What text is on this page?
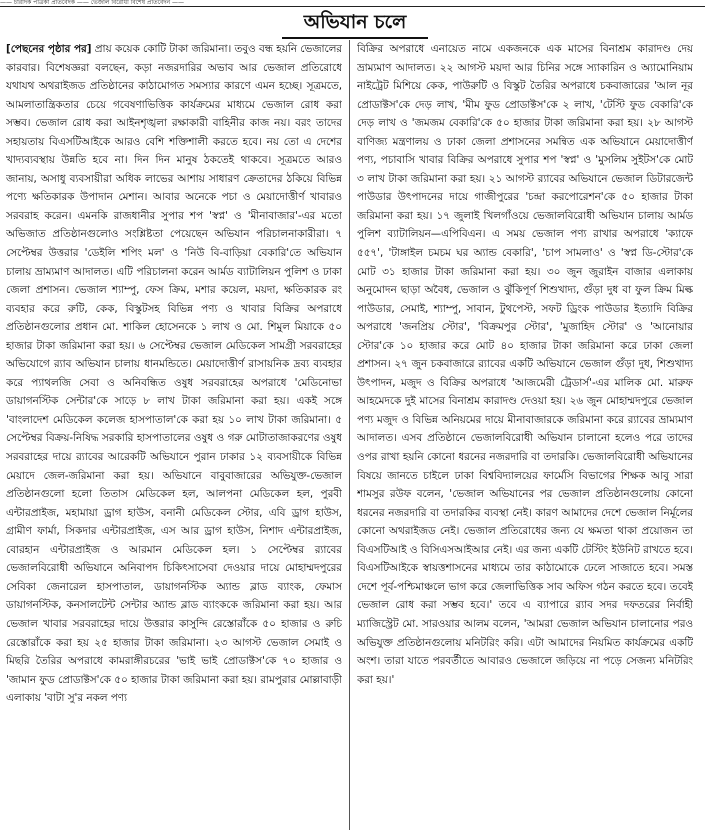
—— চারদিক পত্রিকা প্রতিবেদক —— ভেজাল বিরোধী বিশেষ প্রতিবেদন ——
অভিযান চলে
[পেছনের পৃষ্ঠার পর] প্রায় কয়েক কোটি টাকা জরিমানা। তবুও বন্ধ হয়নি ভেজালের কারবার। বিশেষজ্ঞরা বলছেন, কড়া নজরদারির অভাব আর ভেজাল প্রতিরোধে যথাযথ অথরাইজড প্রতিষ্ঠানের কাঠামোগত সমস্যার কারণে এমন হচ্ছে। সূত্রমতে, আমলাতান্ত্রিকতার চেয়ে গবেষণাভিত্তিক কার্যক্রমের মাধ্যমে ভেজাল রোধ করা সম্ভব। ভেজাল রোধ করা আইনশৃঙ্খলা রক্ষাকারী বাহিনীর কাজ নয়। বরং তাদের সহায়তায় বিএসটিআইকে আরও বেশি শক্তিশালী করতে হবে। নয় তো এ দেশের খাদ্যব্যবস্থায় উন্নতি হবে না। দিন দিন মানুষ ঠকতেই থাকবে। সূত্রমতে আরও জানায়, অসাধু ব্যবসায়ীরা অধিক লাভের আশায় সাধারণ ক্রেতাদের ঠকিয়ে বিভিন্ন পণ্যে ক্ষতিকারক উপাদান মেশান। আবার অনেকে পচা ও মেয়াদোত্তীর্ণ খাবারও সরবরাহ করেন। এমনকি রাজধানীর সুপার শপ 'স্বপ্ন' ও 'মীনাবাজার'-এর মতো অভিজাত প্রতিষ্ঠানগুলোও সংশ্লিষ্টতা পেয়েছেন অভিযান পরিচালনাকারীরা। ৭ সেপ্টেম্বর উত্তরার 'ডেইলি শপিং মল' ও 'নিউ বি-বাড়িয়া বেকারি'তে অভিযান চালায় ভ্রাম্যমাণ আদালত। এটি পরিচালনা করেন আর্মড ব্যাটালিয়ন পুলিশ ও ঢাকা জেলা প্রশাসন। ভেজাল শ্যাম্পু, ফেস ক্রিম, মশার কয়েল, ময়দা, ক্ষতিকারক রং ব্যবহার করে রুটি, কেক, বিস্কুটসহ বিভিন্ন পণ্য ও খাবার বিক্রির অপরাধে প্রতিষ্ঠানগুলোর প্রধান মো. শাকিল হোসেনকে ১ লাখ ও মো. শিমুল মিয়াকে ৫০ হাজার টাকা জরিমানা করা হয়। ৬ সেপ্টেম্বর ভেজাল মেডিকেল সামগ্রী সরবরাহের অভিযোগে র‌্যাব অভিযান চালায় ধানমন্ডিতে। মেয়াদোত্তীর্ণ রাসায়নিক দ্রব্য ব্যবহার করে প্যাথলজি সেবা ও অনিবন্ধিত ওষুধ সরবরাহের অপরাধে 'মেডিনোভা ডায়াগনস্টিক সেন্টার'কে সাড়ে ৮ লাখ টাকা জরিমানা করা হয়। একই সঙ্গে 'বাংলাদেশ মেডিকেল কলেজ হাসপাতাল'কে করা হয় ১০ লাখ টাকা জরিমানা। ৫ সেপ্টেম্বর বিক্রয়-নিষিদ্ধ সরকারি হাসপাতালের ওষুধ ও গরু মোটাতাজাকরণের ওষুধ সরবরাহের দায়ে র‌্যাবের আরেকটি অভিযানে পুরান ঢাকার ১২ ব্যবসায়ীকে বিভিন্ন মেয়াদে জেল-জরিমানা করা হয়। অভিযানে বাবুবাজারের অভিযুক্ত-ভেজাল প্রতিষ্ঠানগুলো হলো তিতাস মেডিকেল হল, আলপনা মেডিকেল হল, পুরবী এন্টারপ্রাইজ, মহামায়া ড্রাগ হাউস, বনানী মেডিকেল স্টোর, এবি ড্রাগ হাউস, গ্রামীণ ফার্মা, সিকদার এন্টারপ্রাইজ, এস আর ড্রাগ হাউস, নিশাদ এন্টারপ্রাইজ, বোরহান এন্টারপ্রাইজ ও আরমান মেডিকেল হল। ১ সেপ্টেম্বর র‌্যাবের ভেজালবিরোধী অভিযানে অনিবাপদ চিকিৎসাসেবা দেওয়ার দায়ে মোহাম্মদপুরের সেবিকা জেনারেল হাসপাতাল, ডায়াগনস্টিক অ্যান্ড ব্লাড ব্যাংক, ফেমাস ডায়াগনস্টিক, কনসালটেন্ট সেন্টার অ্যান্ড ব্লাড ব্যাংককে জরিমানা করা হয়। আর ভেজাল খাবার সরবরাহের দায়ে উত্তরার কাসুন্দি রেস্তোরাঁকে ৫০ হাজার ও রুচি রেস্তোরাঁকে করা হয় ২৫ হাজার টাকা জরিমানা। ২৩ আগস্ট ভেজাল সেমাই ও মিছরি তৈরির অপরাধে কামরাঙ্গীরচরের 'ভাই ভাই প্রোডাক্টস'কে ৭০ হাজার ও 'জামান ফুড প্রোডাক্টস'কে ৫০ হাজার টাকা জরিমানা করা হয়। রামপুরার মোল্লাবাড়ী এলাকায় 'বাটা সু'র নকল পণ্য
বিক্রির অপরাধে এনায়েত নামে একজনকে এক মাসের বিনাশ্রম কারাদণ্ড দেয় ভ্রাম্যমাণ আদালত। ২২ আগস্ট ময়দা আর চিনির সঙ্গে স্যাকারিন ও অ্যামোনিয়াম নাইট্রেট মিশিয়ে কেক, পাউরুটি ও বিস্কুট তৈরির অপরাধে চকবাজারের 'আল নূর প্রোডাক্টস'কে দেড় লাখ, 'মীম ফুড প্রোডাক্টস'কে ২ লাখ, 'টেস্টি ফুড বেকারি'কে দেড় লাখ ও 'জমজম বেকারি'কে ৫০ হাজার টাকা জরিমানা করা হয়। ২৮ আগস্ট বাণিজ্য মন্ত্রণালয় ও ঢাকা জেলা প্রশাসনের সমন্বিত এক অভিযানে মেয়াদোত্তীর্ণ পণ্য, পচাবাসি খাবার বিক্রির অপরাধে সুপার শপ 'স্বপ্ন' ও 'মুসলিম সুইটস'কে মোট ৩ লাখ টাকা জরিমানা করা হয়। ২১ আগস্ট র‌্যাবের অভিযানে ভেজাল ডিটারজেন্ট পাউডার উৎপাদনের দায়ে গাজীপুরের 'চন্দ্রা করপোরেশন'কে ৫০ হাজার টাকা জরিমানা করা হয়। ১৭ জুলাই খিলগাঁওয়ে ভেজালবিরোধী অভিযান চালায় আর্মড পুলিশ ব্যাটালিয়ন—এপিবিএন। এ সময় ভেজাল পণ্য রাখার অপরাধে 'ক্যাফে ৫৫৭', 'টাঙ্গাইল চমচম ঘর অ্যান্ড বেকারি', 'চাপ সামলাও' ও 'স্বপ্ন ডি-স্টোর'কে মোট ৩১ হাজার টাকা জরিমানা করা হয়। ৩০ জুন জুরাইন বাজার এলাকায় অনুমোদন ছাড়া অবৈধ, ভেজাল ও ঝুঁকিপূর্ণ শিশুখাদ্য, গুঁড়া দুধ বা ফুল ক্রিম মিল্ক পাউডার, সেমাই, শ্যাম্পু, সাবান, টুথপেস্ট, সফট ড্রিংক পাউডার ইত্যাদি বিক্রির অপরাধে 'জনপ্রিয় স্টোর', 'বিক্রমপুর স্টোর', 'মুজাহিদ স্টোর' ও 'আনোয়ার স্টোর'কে ১০ হাজার করে মোট ৪০ হাজার টাকা জরিমানা করে ঢাকা জেলা প্রশাসন। ২৭ জুন চকবাজারে র‌্যাবের একটি অভিযানে ভেজাল গুঁড়া দুধ, শিশুখাদ্য উৎপাদন, মজুদ ও বিক্রির অপরাধে 'আজমেরী ট্রেডার্স'-এর মালিক মো. মারুফ আহমেদকে দুই মাসের বিনাশ্রম কারাদণ্ড দেওয়া হয়। ২৬ জুন মোহাম্মদপুরে ভেজাল পণ্য মজুদ ও বিভিন্ন অনিয়মের দায়ে মীনাবাজারকে জরিমানা করে র‌্যাবের ভ্রাম্যমাণ আদালত। এসব প্রতিষ্ঠানে ভেজালবিরোধী অভিযান চালানো হলেও পরে তাদের ওপর রাখা হয়নি কোনো ধরনের নজরদারি বা তদারকি। ভেজালবিরোধী অভিযানের বিষয়ে জানতে চাইলে ঢাকা বিশ্ববিদ্যালয়ের ফার্মেসি বিভাগের শিক্ষক আবু সারা শামসুর রউফ বলেন, 'ভেজাল অভিযানের পর ভেজাল প্রতিষ্ঠানগুলোয় কোনো ধরনের নজরদারি বা তদারকির ব্যবস্থা নেই। কারণ আমাদের দেশে ভেজাল নির্মূলের কোনো অথরাইজড নেই। ভেজাল প্রতিরোধের জন্য যে ক্ষমতা থাকা প্রয়োজন তা বিএসটিআই ও বিসিএসআইআর নেই। এর জন্য একটি টেস্টিং ইউনিট রাখতে হবে। বিএসটিআইকে স্বায়ত্তশাসনের মাধ্যমে তার কাঠামোকে ঢেলে সাজাতে হবে। সমস্ত দেশে পূর্ব-পশ্চিমাঞ্চলে ভাগ করে জেলাভিত্তিক সাব অফিস গঠন করতে হবে। তবেই ভেজাল রোধ করা সম্ভব হবে।' তবে এ ব্যাপারে র‌্যাব সদর দফতরের নির্বাহী ম্যাজিস্ট্রেট মো. সারওয়ার আলম বলেন, 'আমরা ভেজাল অভিযান চালানোর পরও অভিযুক্ত প্রতিষ্ঠানগুলোয় মনিটরিং করি। এটা আমাদের নিয়মিত কার্যক্রমের একটি অংশ। তারা যাতে পরবর্তীতে আবারও ভেজালে জড়িয়ে না পড়ে সেজন্য মনিটরিং করা হয়।'
